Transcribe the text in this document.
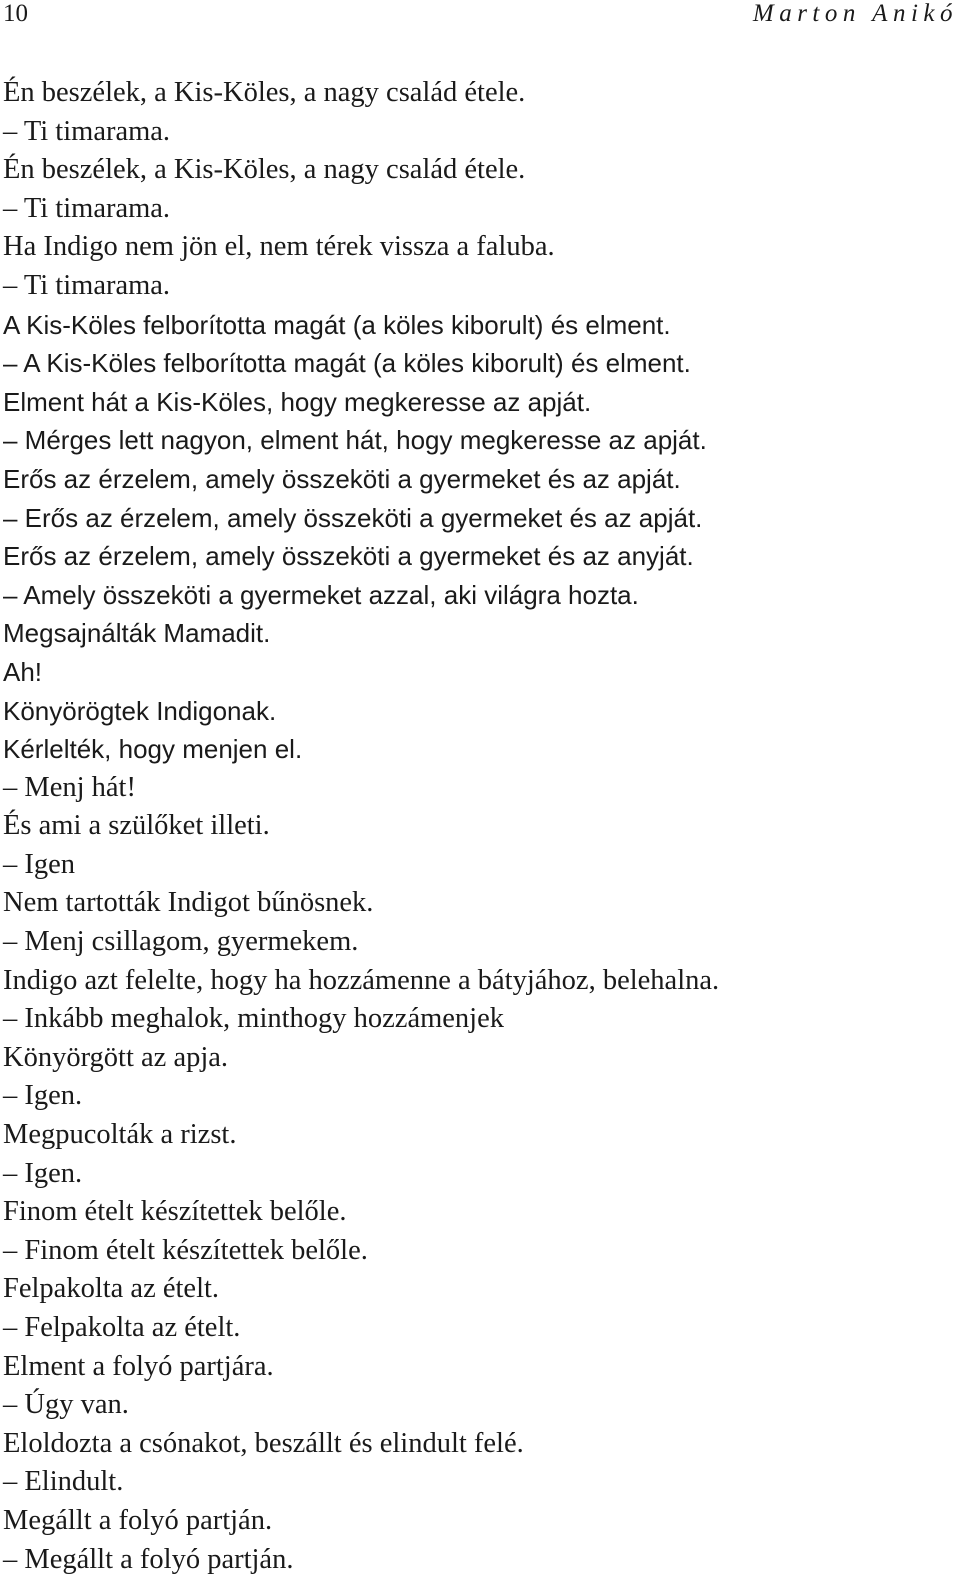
10	Marton Anikó
Én beszélek, a Kis-Köles, a nagy család étele.
– Ti timarama.
Én beszélek, a Kis-Köles, a nagy család étele.
– Ti timarama.
Ha Indigo nem jön el, nem térek vissza a faluba.
– Ti timarama.
A Kis-Köles felborította magát (a köles kiborult) és elment.
– A Kis-Köles felborította magát (a köles kiborult) és elment.
Elment hát a Kis-Köles, hogy megkeresse az apját.
– Mérges lett nagyon, elment hát, hogy megkeresse az apját.
Erős az érzelem, amely összeköti a gyermeket és az apját.
– Erős az érzelem, amely összeköti a gyermeket és az apját.
Erős az érzelem, amely összeköti a gyermeket és az anyját.
– Amely összeköti a gyermeket azzal, aki világra hozta.
Megsajnálták Mamadit.
Ah!
Könyörögtek Indigonak.
Kérlelték, hogy menjen el.
– Menj hát!
És ami a szülőket illeti.
– Igen
Nem tartották Indigot bűnösnek.
– Menj csillagom, gyermekem.
Indigo azt felelte, hogy ha hozzámenne a bátyjához, belehalna.
– Inkább meghalok, minthogy hozzámenjek
Könyörgött az apja.
– Igen.
Megpucolták a rizst.
– Igen.
Finom ételt készítettek belőle.
– Finom ételt készítettek belőle.
Felpakolta az ételt.
– Felpakolta az ételt.
Elment a folyó partjára.
– Úgy van.
Eloldozta a csónakot, beszállt és elindult felé.
– Elindult.
Megállt a folyó partján.
– Megállt a folyó partján.
